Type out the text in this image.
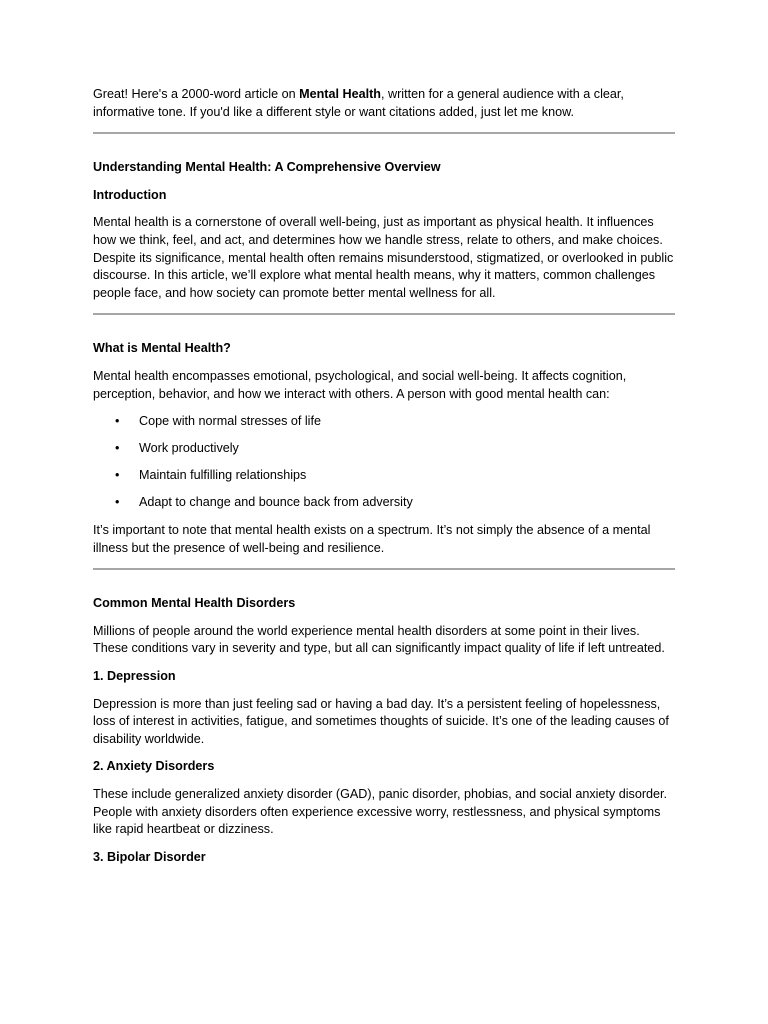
Great! Here's a 2000-word article on Mental Health, written for a general audience with a clear, informative tone. If you'd like a different style or want citations added, just let me know.

Understanding Mental Health: A Comprehensive Overview

Introduction

Mental health is a cornerstone of overall well-being, just as important as physical health. It influences how we think, feel, and act, and determines how we handle stress, relate to others, and make choices. Despite its significance, mental health often remains misunderstood, stigmatized, or overlooked in public discourse. In this article, we’ll explore what mental health means, why it matters, common challenges people face, and how society can promote better mental wellness for all.

What is Mental Health?

Mental health encompasses emotional, psychological, and social well-being. It affects cognition, perception, behavior, and how we interact with others. A person with good mental health can:

• Cope with normal stresses of life
• Work productively
• Maintain fulfilling relationships
• Adapt to change and bounce back from adversity

It’s important to note that mental health exists on a spectrum. It’s not simply the absence of a mental illness but the presence of well-being and resilience.

Common Mental Health Disorders

Millions of people around the world experience mental health disorders at some point in their lives. These conditions vary in severity and type, but all can significantly impact quality of life if left untreated.

1. Depression

Depression is more than just feeling sad or having a bad day. It’s a persistent feeling of hopelessness, loss of interest in activities, fatigue, and sometimes thoughts of suicide. It’s one of the leading causes of disability worldwide.

2. Anxiety Disorders

These include generalized anxiety disorder (GAD), panic disorder, phobias, and social anxiety disorder. People with anxiety disorders often experience excessive worry, restlessness, and physical symptoms like rapid heartbeat or dizziness.

3. Bipolar Disorder
